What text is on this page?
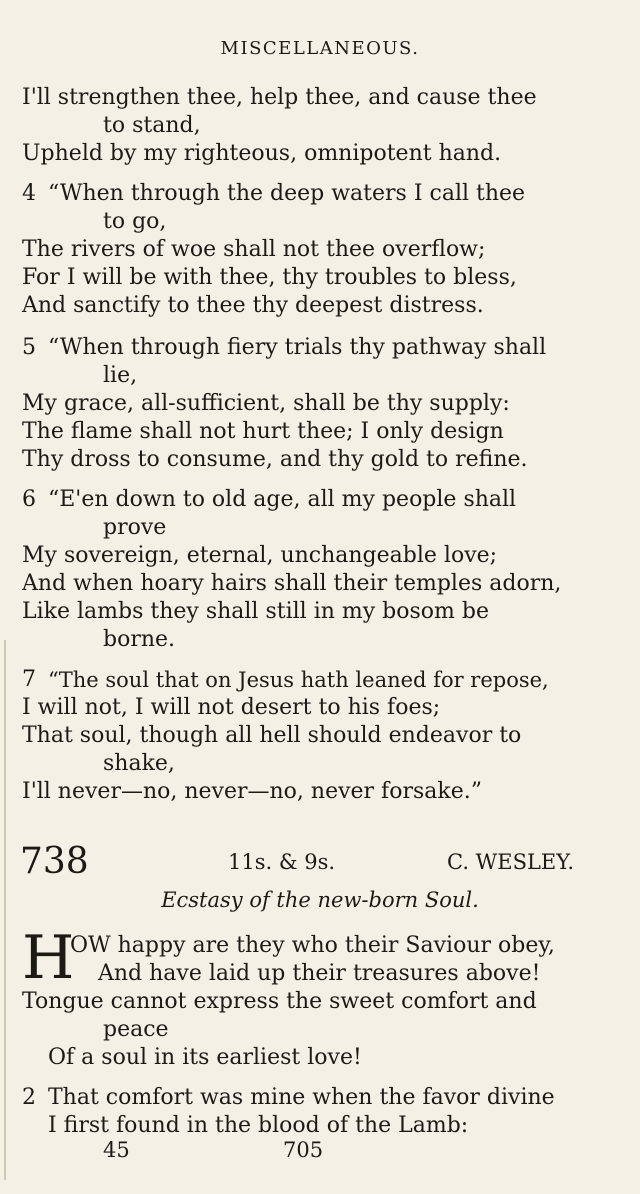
MISCELLANEOUS.
I'll strengthen thee, help thee, and cause thee
to stand,
Upheld by my righteous, omnipotent hand.
4 “When through the deep waters I call thee
to go,
The rivers of woe shall not thee overflow;
For I will be with thee, thy troubles to bless,
And sanctify to thee thy deepest distress.
5 “When through fiery trials thy pathway shall
lie,
My grace, all-sufficient, shall be thy supply:
The flame shall not hurt thee; I only design
Thy dross to consume, and thy gold to refine.
6 “E'en down to old age, all my people shall
prove
My sovereign, eternal, unchangeable love;
And when hoary hairs shall their temples adorn,
Like lambs they shall still in my bosom be
borne.
7 “The soul that on Jesus hath leaned for repose,
I will not, I will not desert to his foes;
That soul, though all hell should endeavor to
shake,
I'll never—no, never—no, never forsake.”
738	11s. & 9s.	C. WESLEY.
Ecstasy of the new-born Soul.
H
OW happy are they who their Saviour obey,
And have laid up their treasures above!
Tongue cannot express the sweet comfort and
peace
Of a soul in its earliest love!
2 That comfort was mine when the favor divine
I first found in the blood of the Lamb:
45	705
